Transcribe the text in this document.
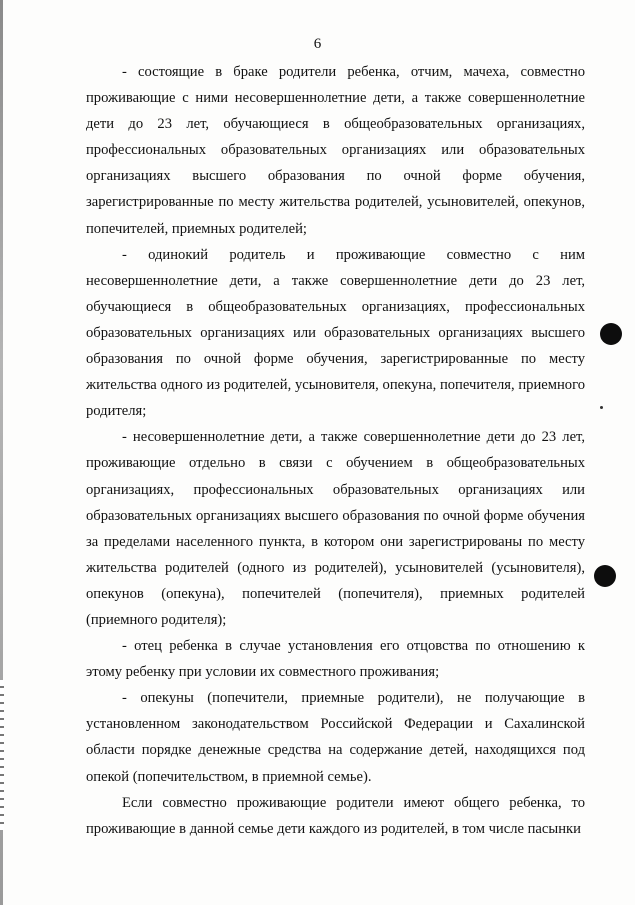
6

- состоящие в браке родители ребенка, отчим, мачеха, совместно проживающие с ними несовершеннолетние дети, а также совершеннолетние дети до 23 лет, обучающиеся в общеобразовательных организациях, профессиональных образовательных организациях или образовательных организациях высшего образования по очной форме обучения, зарегистрированные по месту жительства родителей, усыновителей, опекунов, попечителей, приемных родителей;

- одинокий родитель и проживающие совместно с ним несовершеннолетние дети, а также совершеннолетние дети до 23 лет, обучающиеся в общеобразовательных организациях, профессиональных образовательных организациях или образовательных организациях высшего образования по очной форме обучения, зарегистрированные по месту жительства одного из родителей, усыновителя, опекуна, попечителя, приемного родителя;

- несовершеннолетние дети, а также совершеннолетние дети до 23 лет, проживающие отдельно в связи с обучением в общеобразовательных организациях, профессиональных образовательных организациях или образовательных организациях высшего образования по очной форме обучения за пределами населенного пункта, в котором они зарегистрированы по месту жительства родителей (одного из родителей), усыновителей (усыновителя), опекунов (опекуна), попечителей (попечителя), приемных родителей (приемного родителя);

- отец ребенка в случае установления его отцовства по отношению к этому ребенку при условии их совместного проживания;

- опекуны (попечители, приемные родители), не получающие в установленном законодательством Российской Федерации и Сахалинской области порядке денежные средства на содержание детей, находящихся под опекой (попечительством, в приемной семье).

Если совместно проживающие родители имеют общего ребенка, то проживающие в данной семье дети каждого из родителей, в том числе пасынки
